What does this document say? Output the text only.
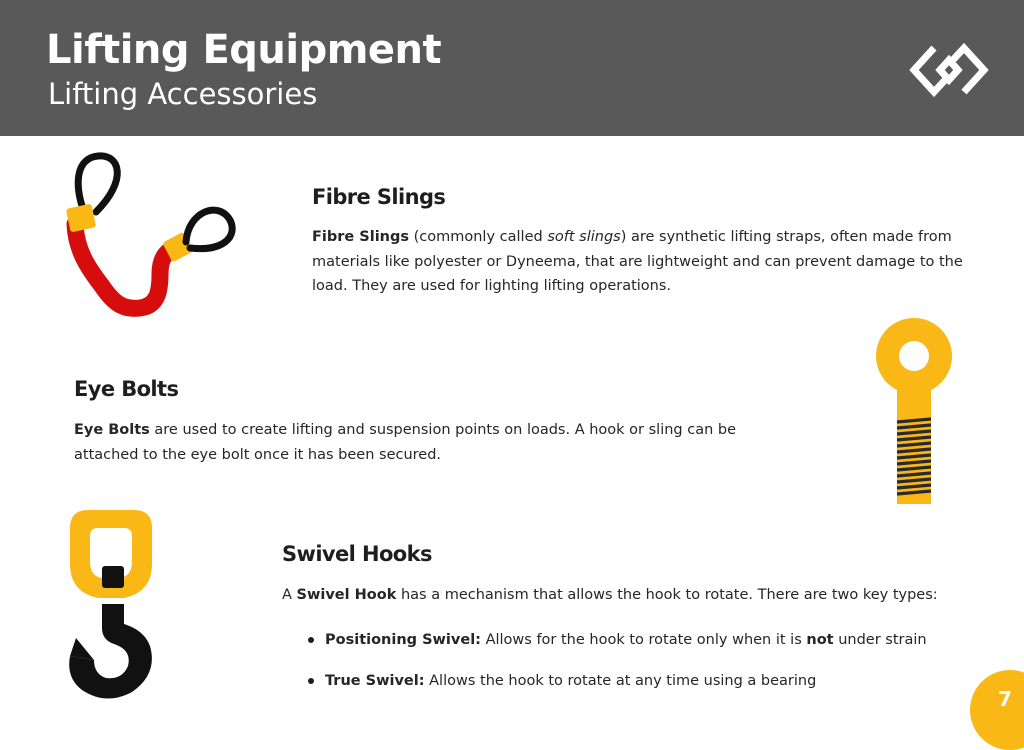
Lifting Equipment
Lifting Accessories
Fibre Slings

Fibre Slings (commonly called soft slings) are synthetic lifting straps, often made from materials like polyester or Dyneema, that are lightweight and can prevent damage to the load. They are used for lighting lifting operations.

Eye Bolts

Eye Bolts are used to create lifting and suspension points on loads. A hook or sling can be attached to the eye bolt once it has been secured.

Swivel Hooks

A Swivel Hook has a mechanism that allows the hook to rotate. There are two key types:

Positioning Swivel: Allows for the hook to rotate only when it is not under strain
True Swivel: Allows the hook to rotate at any time using a bearing
7
